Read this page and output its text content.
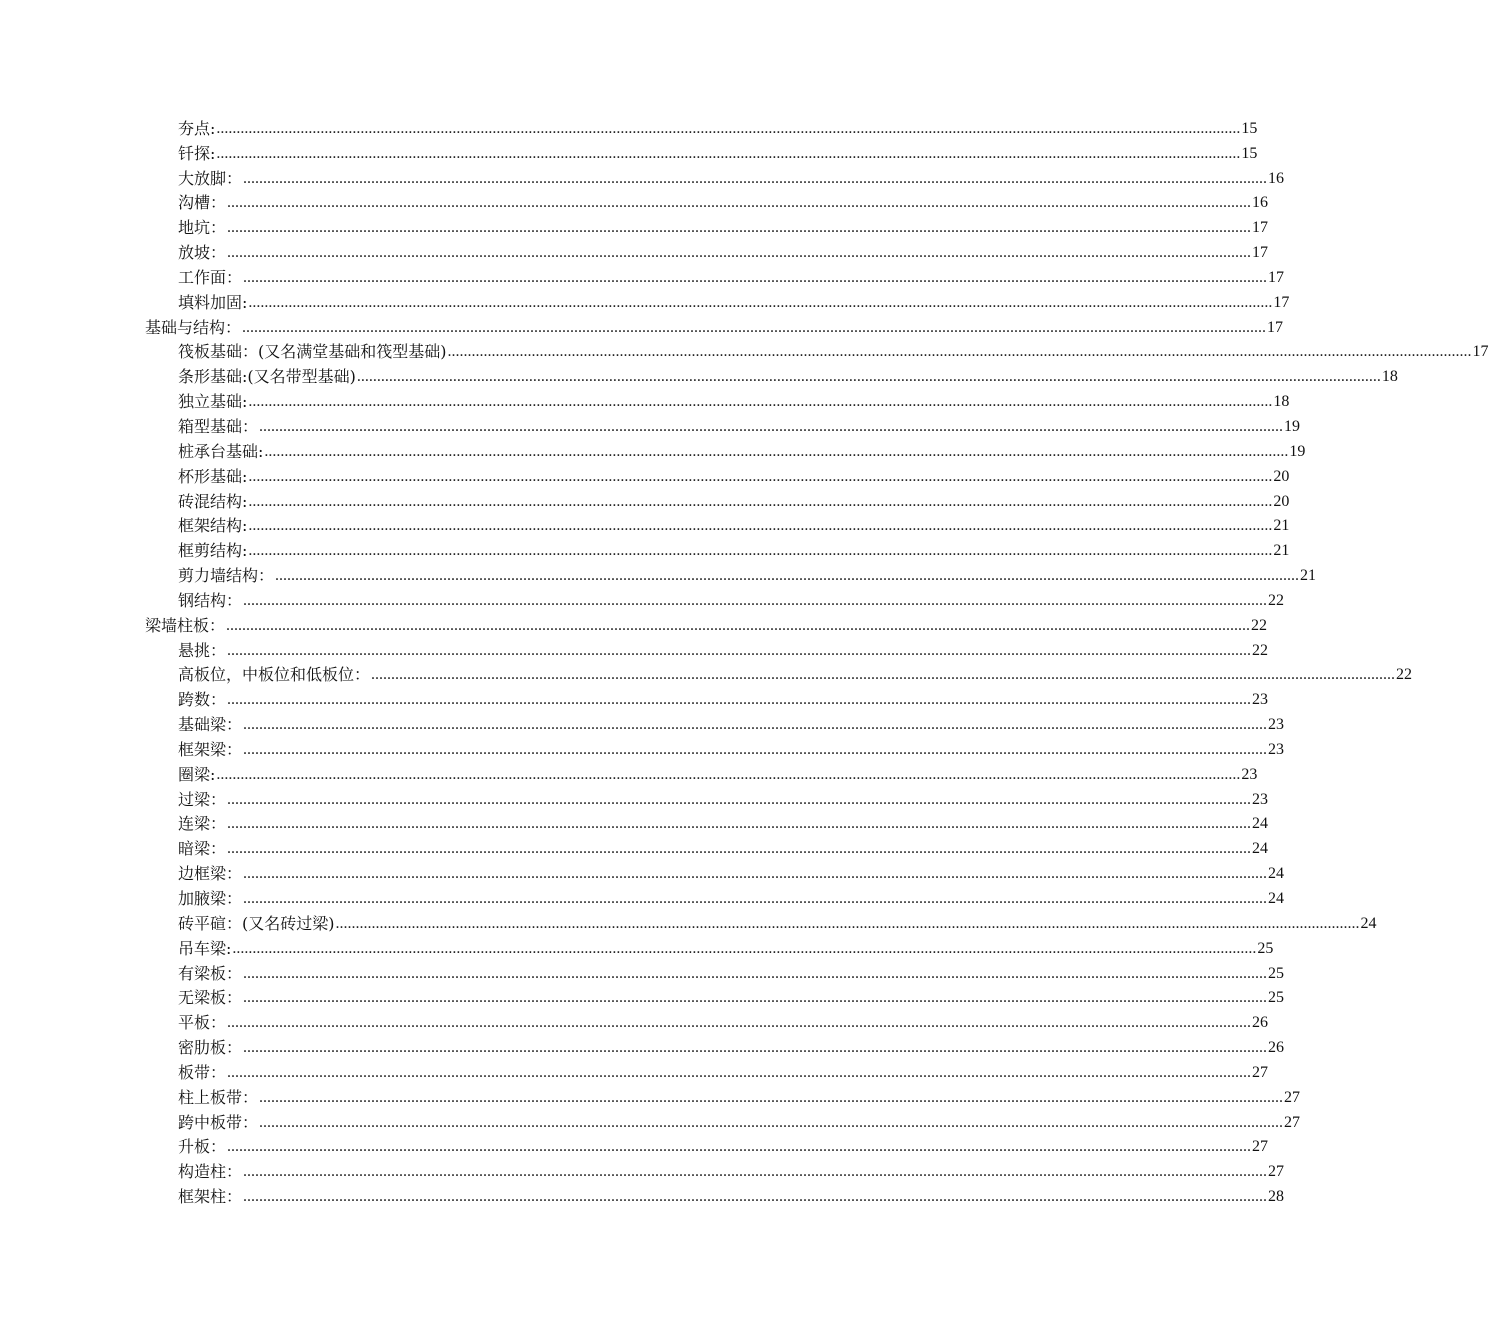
夯点: .....	15
钎探: .....	15
大放脚： .....	16
沟槽： .....	16
地坑： .....	17
放坡： .....	17
工作面： .....	17
填料加固: .....	17
基础与结构： .....	17
筏板基础：(又名满堂基础和筏型基础) .....	17
条形基础:(又名带型基础) .....	18
独立基础: .....	18
箱型基础： .....	19
桩承台基础: .....	19
杯形基础: .....	20
砖混结构: .....	20
框架结构: .....	21
框剪结构: .....	21
剪力墙结构： .....	21
钢结构： .....	22
梁墙柱板： .....	22
悬挑： .....	22
高板位，中板位和低板位： .....	22
跨数： .....	23
基础梁： .....	23
框架梁： .....	23
圈梁: .....	23
过梁： .....	23
连梁： .....	24
暗梁： .....	24
边框梁： .....	24
加腋梁： .....	24
砖平碹：(又名砖过梁) .....	24
吊车梁: .....	25
有梁板： .....	25
无梁板： .....	25
平板： .....	26
密肋板： .....	26
板带： .....	27
柱上板带： .....	27
跨中板带： .....	27
升板： .....	27
构造柱： .....	27
框架柱： .....	28
